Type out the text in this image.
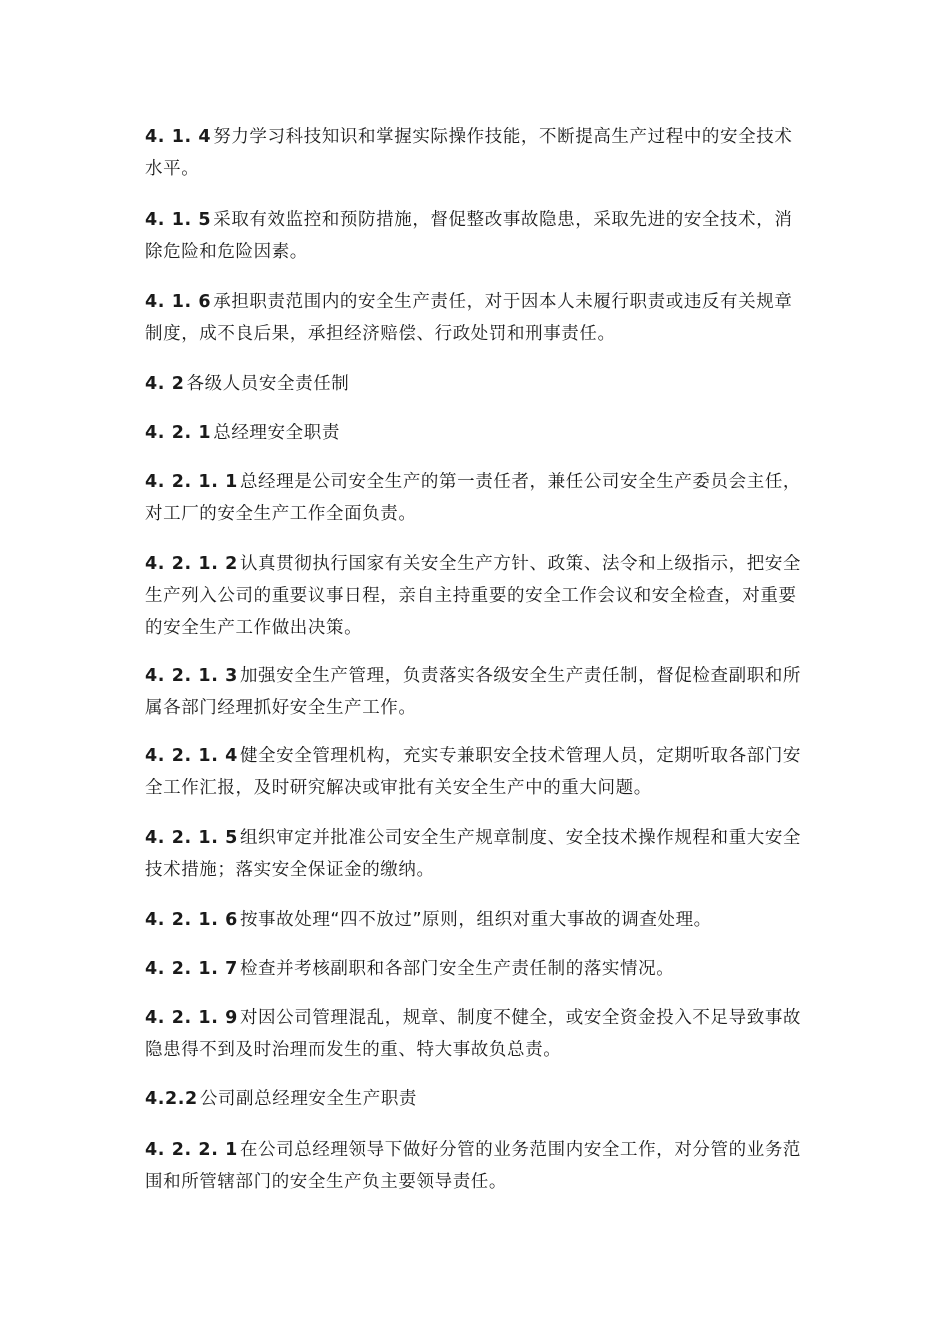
4. 1. 4 努力学习科技知识和掌握实际操作技能，不断提高生产过程中的安全技术水平。

4. 1. 5 采取有效监控和预防措施，督促整改事故隐患，采取先进的安全技术，消除危险和危险因素。

4. 1. 6 承担职责范围内的安全生产责任，对于因本人未履行职责或违反有关规章制度，成不良后果，承担经济赔偿、行政处罚和刑事责任。

4. 2 各级人员安全责任制

4. 2. 1 总经理安全职责

4. 2. 1. 1 总经理是公司安全生产的第一责任者，兼任公司安全生产委员会主任，对工厂的安全生产工作全面负责。

4. 2. 1. 2 认真贯彻执行国家有关安全生产方针、政策、法令和上级指示，把安全生产列入公司的重要议事日程，亲自主持重要的安全工作会议和安全检查，对重要的安全生产工作做出决策。

4. 2. 1. 3 加强安全生产管理，负责落实各级安全生产责任制，督促检查副职和所属各部门经理抓好安全生产工作。

4. 2. 1. 4 健全安全管理机构，充实专兼职安全技术管理人员，定期听取各部门安全工作汇报，及时研究解决或审批有关安全生产中的重大问题。

4. 2. 1. 5 组织审定并批准公司安全生产规章制度、安全技术操作规程和重大安全技术措施；落实安全保证金的缴纳。

4. 2. 1. 6 按事故处理“四不放过”原则，组织对重大事故的调查处理。

4. 2. 1. 7 检查并考核副职和各部门安全生产责任制的落实情况。

4. 2. 1. 9 对因公司管理混乱，规章、制度不健全，或安全资金投入不足导致事故隐患得不到及时治理而发生的重、特大事故负总责。

4.2.2 公司副总经理安全生产职责

4. 2. 2. 1 在公司总经理领导下做好分管的业务范围内安全工作，对分管的业务范围和所管辖部门的安全生产负主要领导责任。
